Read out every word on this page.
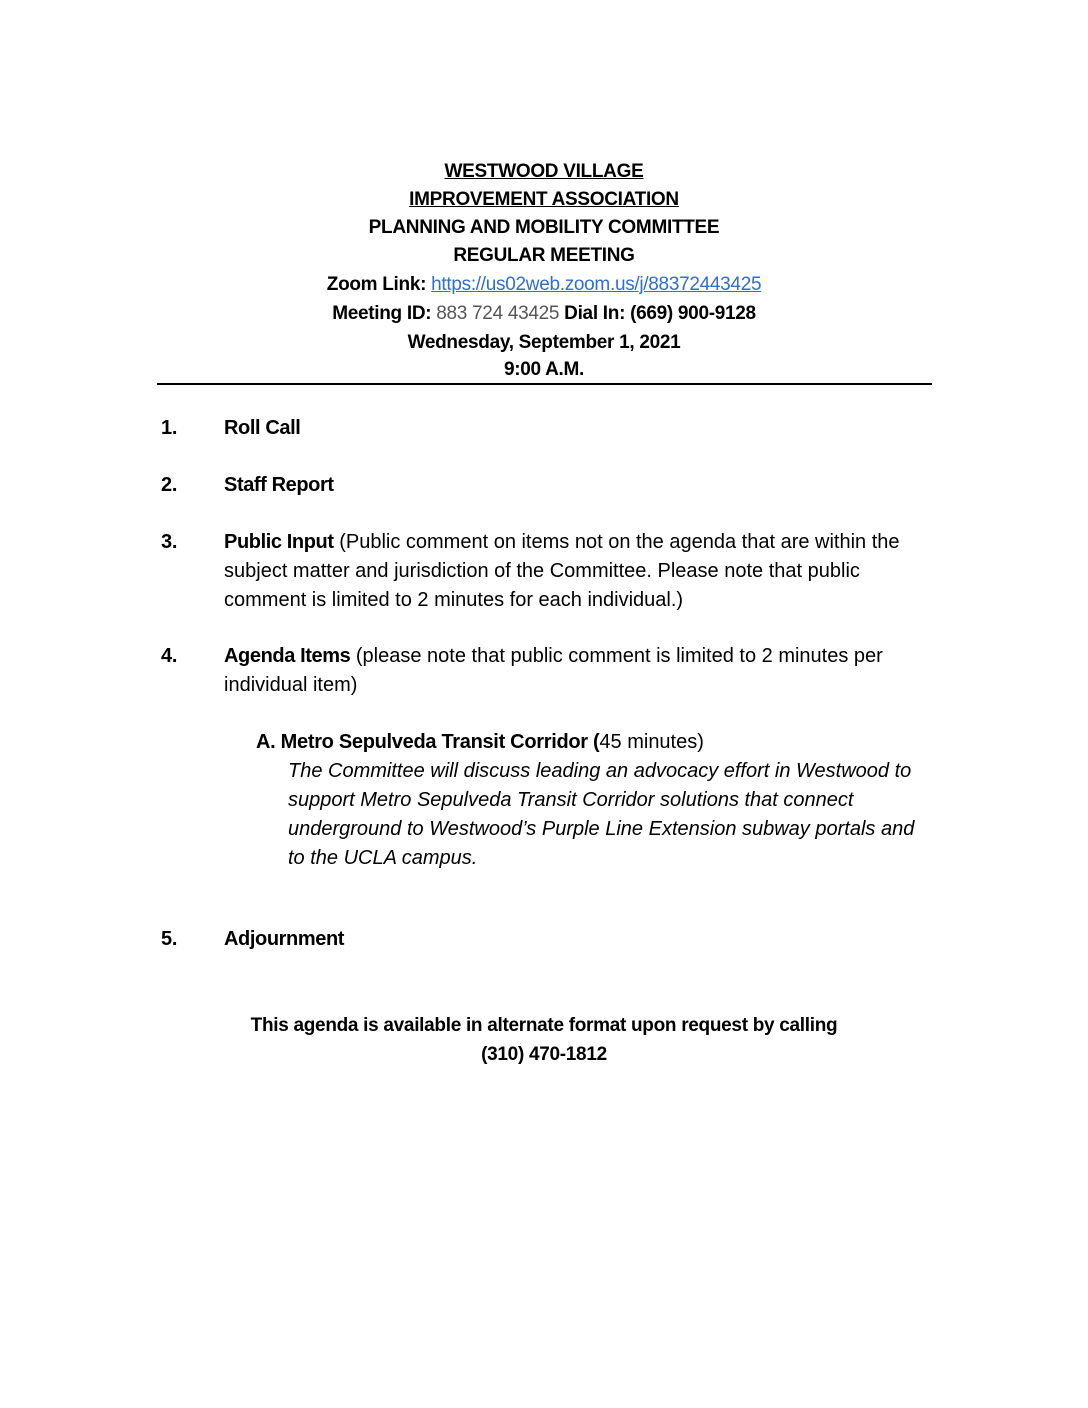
WESTWOOD VILLAGE
IMPROVEMENT ASSOCIATION
PLANNING AND MOBILITY COMMITTEE
REGULAR MEETING
Zoom Link: https://us02web.zoom.us/j/88372443425
Meeting ID: 883 724 43425 Dial In: (669) 900-9128
Wednesday, September 1, 2021
9:00 A.M.
1. Roll Call
2. Staff Report
3. Public Input (Public comment on items not on the agenda that are within the subject matter and jurisdiction of the Committee. Please note that public comment is limited to 2 minutes for each individual.)
4. Agenda Items (please note that public comment is limited to 2 minutes per individual item)
A. Metro Sepulveda Transit Corridor (45 minutes)
The Committee will discuss leading an advocacy effort in Westwood to support Metro Sepulveda Transit Corridor solutions that connect underground to Westwood’s Purple Line Extension subway portals and to the UCLA campus.
5. Adjournment
This agenda is available in alternate format upon request by calling
(310) 470-1812
